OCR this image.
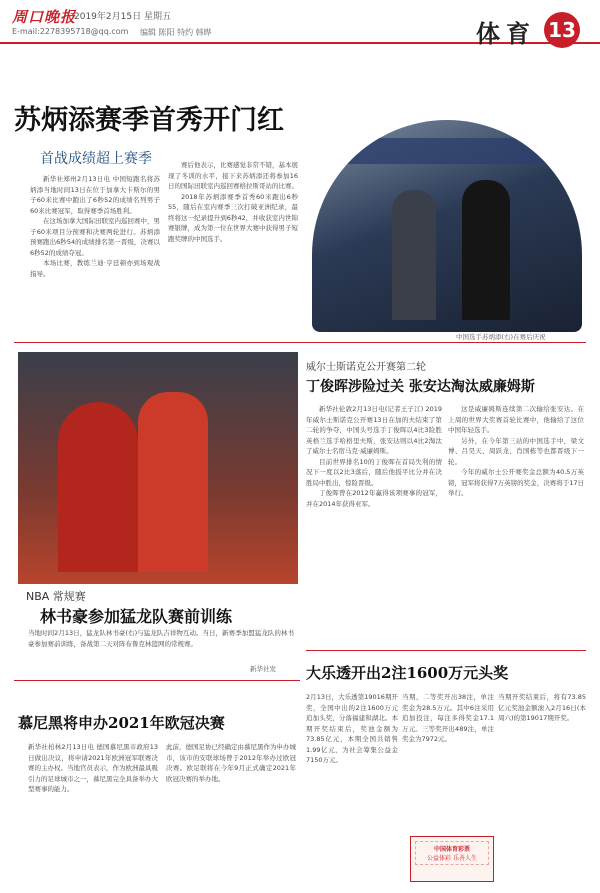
周口晚报
2019年2月15日 星期五
E-mail:2278395718@qq.com 编辑 陈阳 特约 韩晔	体育 13
苏炳添赛季首秀开门红
首战成绩超上赛季

新华社郑州2月13日电 中国短跑名将苏炳添当地时间13日在位于加拿大卡斯尔的男子60米比赛中跑出了6秒52的成绩名列男子60米比赛冠军，取得赛季首场胜利。

在这场加拿大国际田联室内巡回赛中，男子60米项目分预赛和决赛两轮进行。苏炳添预赛跑出6秒54的成绩排名第一晋级，决赛以6秒52的成绩夺冠。

本场比赛，教练兰迪·亨廷顿亦到场观战指导。

赛后他表示，比赛感觉非常不错，基本展现了冬训的水平，接下来苏炳添还将参加16日的国际田联室内巡回赛格拉斯哥站的比赛。

2018年苏炳添赛季首秀60米跑出6秒55，随后在室内赛季三次打破亚洲纪录，最终将这一纪录提升到6秒42，并收获室内世锦赛银牌，成为第一位在世界大赛中获得男子短跑奖牌的中国选手。

中国选手苏炳添(右)在赛后庆祝
NBA 常规赛
林书豪参加猛龙队赛前训练
当地时间2月13日，猛龙队林书豪(右)与猛龙队吉祥物互动。当日，新赛季加盟猛龙队的林书豪参加赛前训练，备战第二天对阵布鲁克林篮网的常规赛。
新华社发
威尔士斯诺克公开赛第二轮
丁俊晖涉险过关 张安达淘汰威廉姆斯

新华社伦敦2月13日电(记者王子江) 2019年威尔士斯诺克公开赛13日在加的夫结束了第二轮的争夺，中国头号选手丁俊晖以4比3险胜英格兰选手哈格里夫斯，张安达则以4比2淘汰了威尔士名宿马克·威廉姆斯。

目前世界排名10的丁俊晖在首局失利的情况下一度以2比3落后，随后他扳平比分并在决胜局中胜出，惊险晋级。

丁俊晖曾在2012年赢得该项赛事的冠军，并在2014年获得亚军。

这是威廉姆斯连续第二次输给张安达。在上周的世界大奖赛首轮比赛中，他输给了这位中国年轻选手。

另外，在今年第三站的中国选手中，梁文博、吕昊天、周跃龙、肖国栋等也都晋级下一轮。

今年的威尔士公开赛奖金总额为40.5万英镑，冠军将获得7万英镑的奖金，决赛将于17日举行。

慕尼黑将申办2021年欧冠决赛
新华社柏林2月13日电 德国慕尼黑市政府13日做出决议，将申请2021年欧洲冠军联赛决赛的主办权。当地官员表示，作为欧洲最具吸引力的足球城市之一，慕尼黑完全具备举办大型赛事的能力。
此前，德国足协已经确定由慕尼黑作为申办城市，该市的安联球场曾于2012年举办过欧冠决赛。欧足联将在今年9月正式确定2021年欧冠决赛的举办地。
大乐透开出2注1600万元头奖
2月13日，大乐透第19016期开奖，全国中出的2注1600万元追加头奖，分落福建和湖北。本期开奖结束后，奖池金额为73.85亿元，本期全国共销售1.99亿元，为社会筹集公益金7150万元。
当期，二等奖开出38注，单注奖金为28.5万元。其中6注采用追加投注，每注多得奖金17.1万元。三等奖开出489注，单注奖金为7972元。
当期开奖结束后，将有73.85亿元奖池金额滚入2月16日(本周六)的第19017期开奖。
中国体育彩票
公益体彩 乐善人生
